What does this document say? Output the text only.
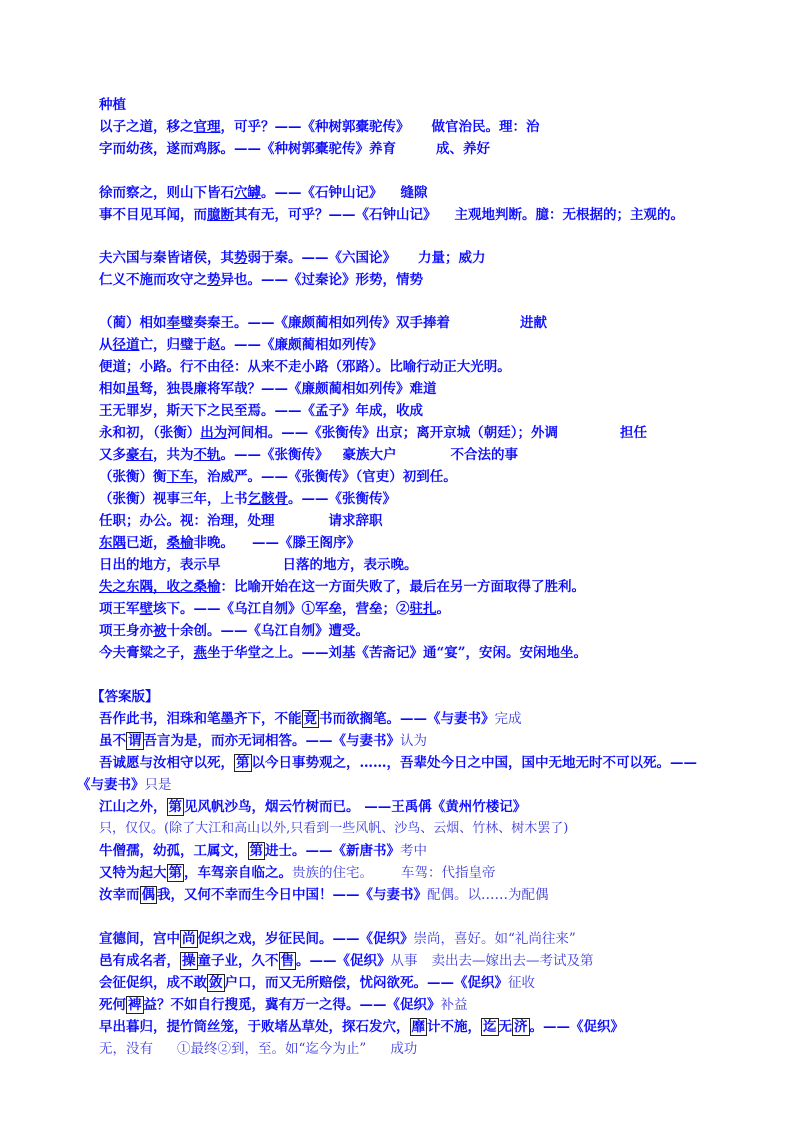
种植
以子之道，移之官理，可乎？——《种树郭橐驼传》 做官治民。理：治
字而幼孩，遂而鸡豚。——《种树郭橐驼传》养育	成、养好
徐而察之，则山下皆石穴罅。——《石钟山记》 缝隙
事不目见耳闻，而臆断其有无，可乎？——《石钟山记》 主观地判断。臆：无根据的；主观的。
夫六国与秦皆诸侯，其势弱于秦。——《六国论》 力量；威力
仁义不施而攻守之势异也。——《过秦论》形势，情势
（蔺）相如奉璧奏秦王。——《廉颇蔺相如列传》双手捧着	进献
从径道亡，归璧于赵。——《廉颇蔺相如列传》
便道；小路。行不由径：从来不走小路（邪路）。比喻行动正大光明。
相如虽驽，独畏廉将军哉？——《廉颇蔺相如列传》难道
王无罪岁，斯天下之民至焉。——《孟子》年成，收成
永和初，（张衡）出为河间相。——《张衡传》出京；离开京城（朝廷）；外调	担任
又多豪右，共为不轨。——《张衡传》 豪族大户	不合法的事
（张衡）衡下车，治威严。——《张衡传》（官吏）初到任。
（张衡）视事三年，上书乞骸骨。——《张衡传》
任职；办公。视：治理，处理	请求辞职
东隅已逝，桑榆非晚。 ——《滕王阁序》
日出的地方，表示早	日落的地方，表示晚。
失之东隅，收之桑榆：比喻开始在这一方面失败了，最后在另一方面取得了胜利。
项王军壁垓下。——《乌江自刎》①军垒，营垒；②驻扎。
项王身亦被十余创。——《乌江自刎》遭受。
今夫膏粱之子，燕坐于华堂之上。——刘基《苦斋记》通“宴”，安闲。安闲地坐。
【答案版】
吾作此书，泪珠和笔墨齐下，不能 竟 书而欲搁笔。——《与妻书》完成
虽不 谓 吾言为是，而亦无词相答。——《与妻书》认为
吾诚愿与汝相守以死， 第 以今日事势观之，……，吾辈处今日之中国，国中无地无时不可以死。——
《与妻书》只是
江山之外， 第 见风帆沙鸟，烟云竹树而已。 ——王禹偁《黄州竹楼记》
只，仅仅。(除了大江和高山以外,只看到一些风帆、沙鸟、云烟、竹林、树木罢了)
牛僧孺，幼孤，工属文， 第 进士。——《新唐书》考中
又特为起大 第 ，车驾亲自临之。贵族的住宅。 车驾：代指皇帝
汝幸而 偶 我，又何不幸而生今日中国！——《与妻书》配偶。以……为配偶
宣德间，宫中 尚 促织之戏，岁征民间。——《促织》崇尚，喜好。如“礼尚往来”
邑有成名者， 操 童子业，久不 售 。——《促织》从事 卖出去—嫁出去—考试及第
会征促织，成不敢 敛 户口，而又无所赔偿，忧闷欲死。——《促织》征收
死何 裨 益？不如自行搜觅，冀有万一之得。——《促织》补益
早出暮归，提竹筒丝笼，于败堵丛草处，探石发穴， 靡 计不施， 迄 无 济 。——《促织》
无，没有 ①最终②到，至。如“迄今为止” 成功
